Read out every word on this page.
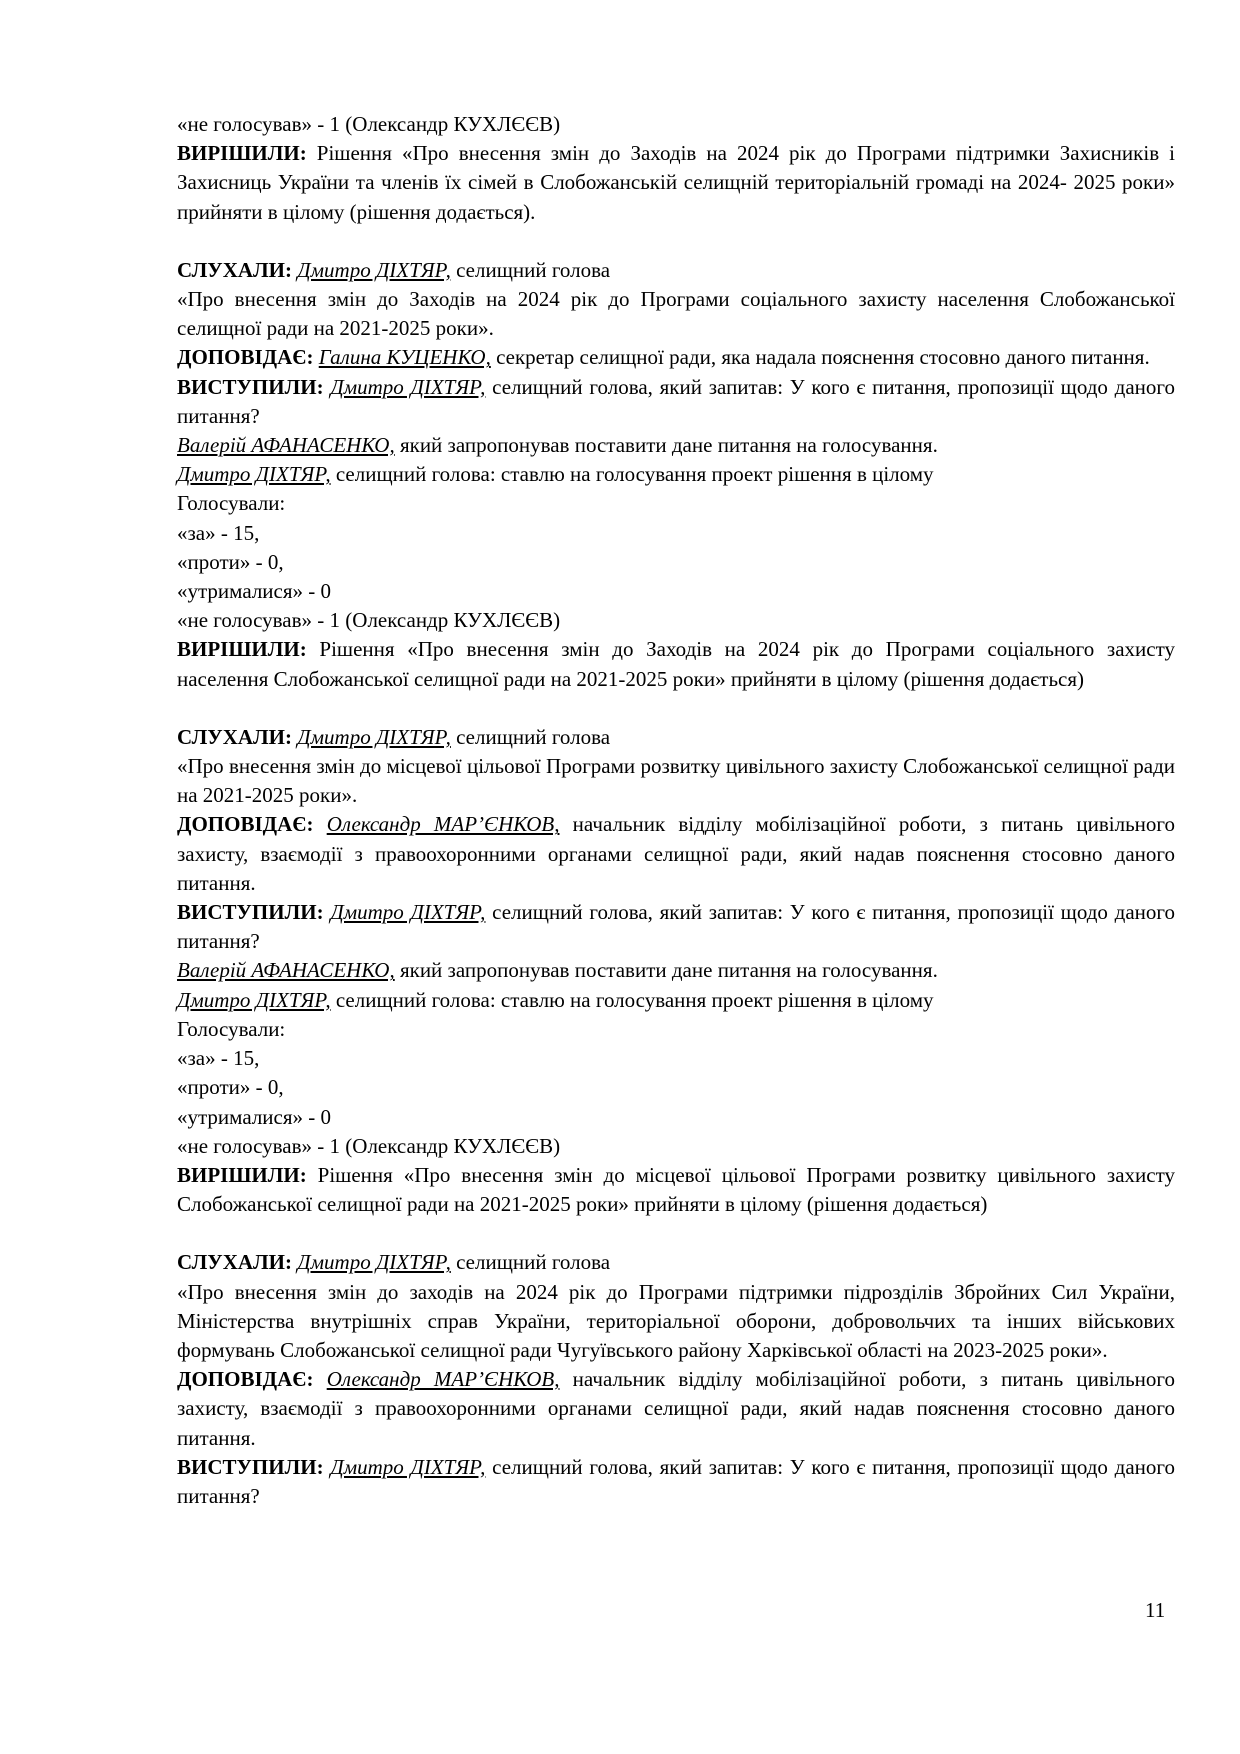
«не голосував» - 1 (Олександр КУХЛЄЄВ)

ВИРІШИЛИ: Рішення «Про внесення змін до Заходів на 2024 рік до Програми підтримки Захисників і Захисниць України та членів їх сімей в Слобожанській селищній територіальній громаді на 2024- 2025 роки» прийняти в цілому (рішення додається).

СЛУХАЛИ: Дмитро ДІХТЯР, селищний голова

«Про внесення змін до Заходів на 2024 рік до Програми соціального захисту населення Слобожанської селищної ради на 2021-2025 роки».

ДОПОВІДАЄ: Галина КУЦЕНКО, секретар селищної ради, яка надала пояснення стосовно даного питання.

ВИСТУПИЛИ: Дмитро ДІХТЯР, селищний голова, який запитав: У кого є питання, пропозиції щодо даного питання?

Валерій АФАНАСЕНКО, який запропонував поставити дане питання на голосування.

Дмитро ДІХТЯР, селищний голова: ставлю на голосування проект рішення в цілому

Голосували:

«за» - 15,

«проти» - 0,

«утрималися» - 0

«не голосував» - 1 (Олександр КУХЛЄЄВ)

ВИРІШИЛИ: Рішення «Про внесення змін до Заходів на 2024 рік до Програми соціального захисту населення Слобожанської селищної ради на 2021-2025 роки» прийняти в цілому (рішення додається)

СЛУХАЛИ: Дмитро ДІХТЯР, селищний голова

«Про внесення змін до місцевої цільової Програми розвитку цивільного захисту Слобожанської селищної ради на 2021-2025 роки».

ДОПОВІДАЄ: Олександр МАР’ЄНКОВ, начальник відділу мобілізаційної роботи, з питань цивільного захисту, взаємодії з правоохоронними органами селищної ради, який надав пояснення стосовно даного питання.

ВИСТУПИЛИ: Дмитро ДІХТЯР, селищний голова, який запитав: У кого є питання, пропозиції щодо даного питання?

Валерій АФАНАСЕНКО, який запропонував поставити дане питання на голосування.

Дмитро ДІХТЯР, селищний голова: ставлю на голосування проект рішення в цілому

Голосували:

«за» - 15,

«проти» - 0,

«утрималися» - 0

«не голосував» - 1 (Олександр КУХЛЄЄВ)

ВИРІШИЛИ: Рішення «Про внесення змін до місцевої цільової Програми розвитку цивільного захисту Слобожанської селищної ради на 2021-2025 роки» прийняти в цілому (рішення додається)

СЛУХАЛИ: Дмитро ДІХТЯР, селищний голова

«Про внесення змін до заходів на 2024 рік до Програми підтримки підрозділів Збройних Сил України, Міністерства внутрішніх справ України, територіальної оборони, добровольчих та інших військових формувань Слобожанської селищної ради Чугуївського району Харківської області на 2023-2025 роки».

ДОПОВІДАЄ: Олександр МАР’ЄНКОВ, начальник відділу мобілізаційної роботи, з питань цивільного захисту, взаємодії з правоохоронними органами селищної ради, який надав пояснення стосовно даного питання.

ВИСТУПИЛИ: Дмитро ДІХТЯР, селищний голова, який запитав: У кого є питання, пропозиції щодо даного питання?

11
